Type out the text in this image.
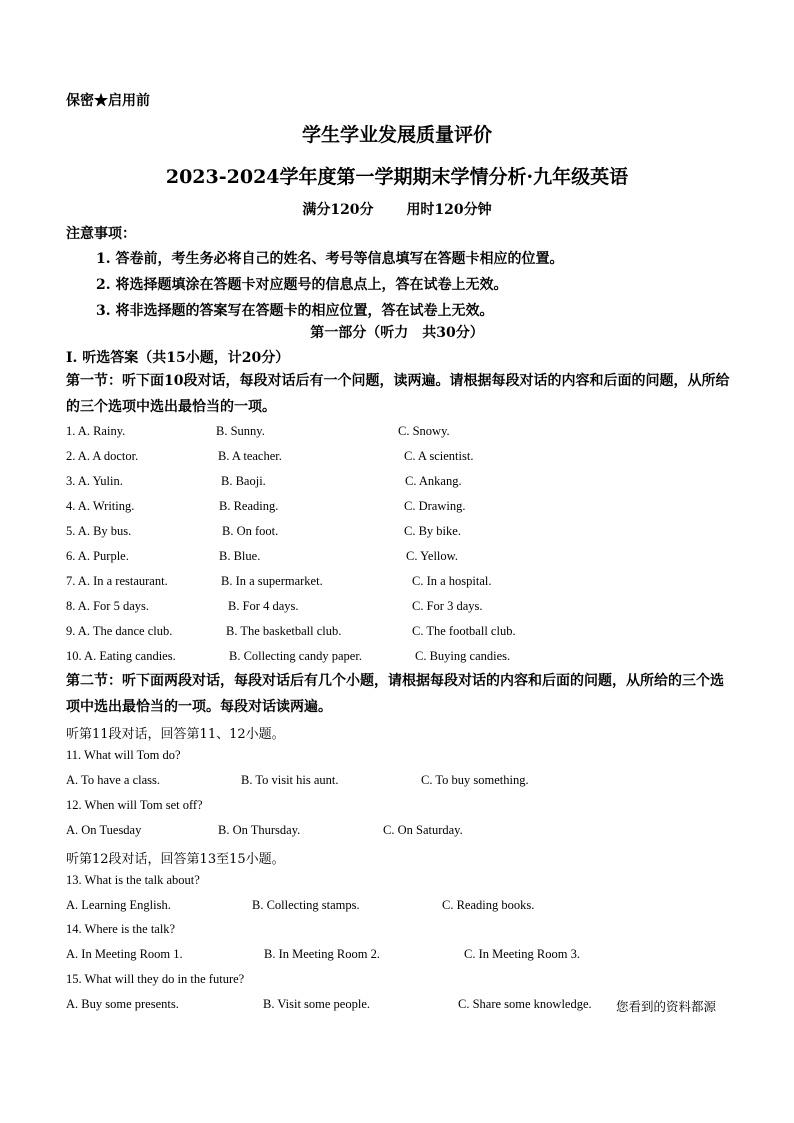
保密★启用前
学生学业发展质量评价
2023-2024学年度第一学期期末学情分析·九年级英语
满分120分 用时120分钟
注意事项：
1. 答卷前，考生务必将自己的姓名、考号等信息填写在答题卡相应的位置。
2. 将选择题填涂在答题卡对应题号的信息点上，答在试卷上无效。
3. 将非选择题的答案写在答题卡的相应位置，答在试卷上无效。
第一部分（听力　共30分）
I. 听选答案（共15小题，计20分）
第一节：听下面10段对话，每段对话后有一个问题，读两遍。请根据每段对话的内容和后面的问题，从所给的三个选项中选出最恰当的一项。
1. A. Rainy.	B. Sunny.	C. Snowy.
2. A. A doctor.	B. A teacher.	C. A scientist.
3. A. Yulin.	B. Baoji.	C. Ankang.
4. A. Writing.	B. Reading.	C. Drawing.
5. A. By bus.	B. On foot.	C. By bike.
6. A. Purple.	B. Blue.	C. Yellow.
7. A. In a restaurant.	B. In a supermarket.	C. In a hospital.
8. A. For 5 days.	B. For 4 days.	C. For 3 days.
9. A. The dance club.	B. The basketball club.	C. The football club.
10. A. Eating candies.	B. Collecting candy paper.	C. Buying candies.
第二节：听下面两段对话，每段对话后有几个小题，请根据每段对话的内容和后面的问题，从所给的三个选项中选出最恰当的一项。每段对话读两遍。
听第11段对话，回答第11、12小题。
11. What will Tom do?
A. To have a class.	B. To visit his aunt.	C. To buy something.
12. When will Tom set off?
A. On Tuesday	B. On Thursday.	C. On Saturday.
听第12段对话，回答第13至15小题。
13. What is the talk about?
A. Learning English.	B. Collecting stamps.	C. Reading books.
14. Where is the talk?
A. In Meeting Room 1.	B. In Meeting Room 2.	C. In Meeting Room 3.
15. What will they do in the future?
A. Buy some presents.	B. Visit some people.	C. Share some knowledge. 您看到的资料都源
